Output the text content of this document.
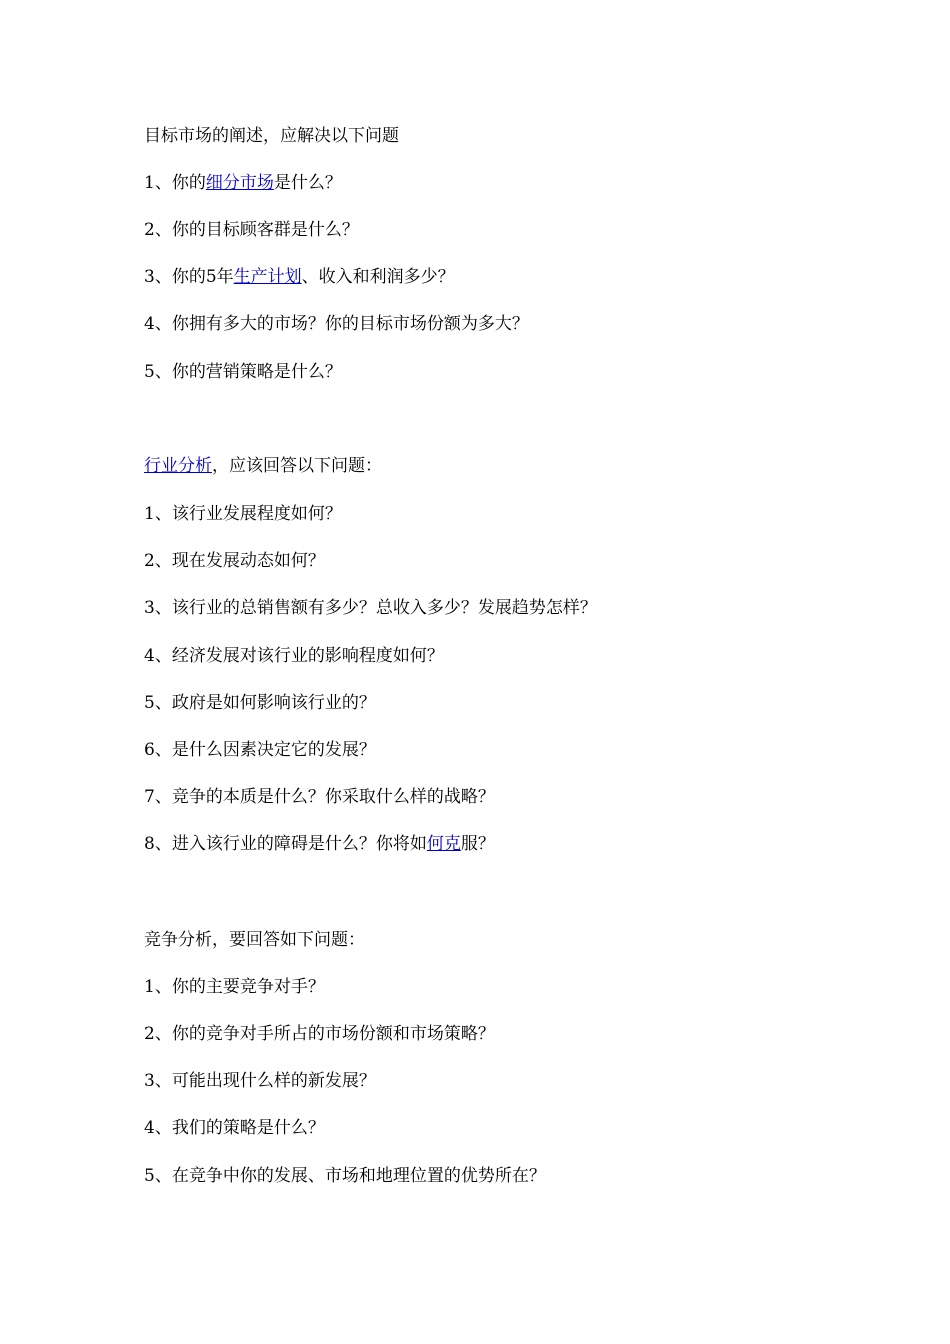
目标市场的阐述，应解决以下问题
1、你的细分市场是什么？
2、你的目标顾客群是什么？
3、你的5年生产计划、收入和利润多少？
4、你拥有多大的市场？你的目标市场份额为多大？
5、你的营销策略是什么？
行业分析，应该回答以下问题：
1、该行业发展程度如何？
2、现在发展动态如何？
3、该行业的总销售额有多少？总收入多少？发展趋势怎样？
4、经济发展对该行业的影响程度如何？
5、政府是如何影响该行业的？
6、是什么因素决定它的发展？
7、竞争的本质是什么？你采取什么样的战略？
8、进入该行业的障碍是什么？你将如何克服？
竞争分析，要回答如下问题：
1、你的主要竞争对手？
2、你的竞争对手所占的市场份额和市场策略？
3、可能出现什么样的新发展？
4、我们的策略是什么？
5、在竞争中你的发展、市场和地理位置的优势所在？
